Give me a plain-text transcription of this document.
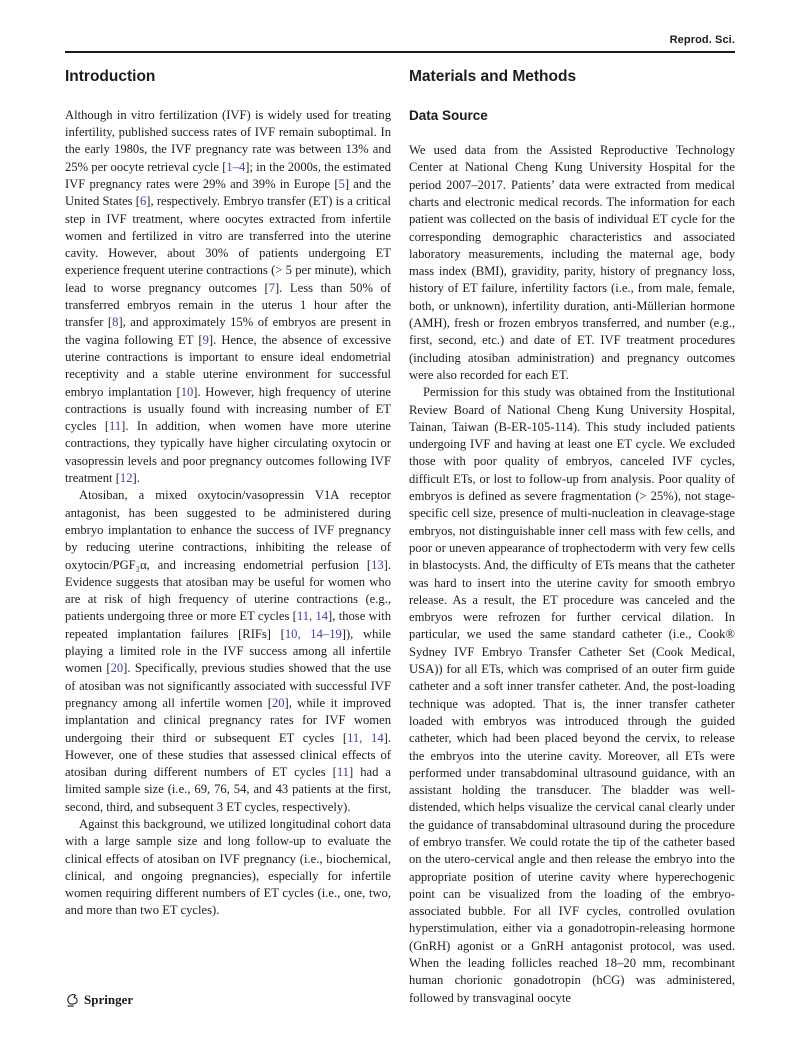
Reprod. Sci.
Introduction

Although in vitro fertilization (IVF) is widely used for treating infertility, published success rates of IVF remain suboptimal. In the early 1980s, the IVF pregnancy rate was between 13% and 25% per oocyte retrieval cycle [1–4]; in the 2000s, the estimated IVF pregnancy rates were 29% and 39% in Europe [5] and the United States [6], respectively. Embryo transfer (ET) is a critical step in IVF treatment, where oocytes extracted from infertile women and fertilized in vitro are transferred into the uterine cavity. However, about 30% of patients undergoing ET experience frequent uterine contractions (> 5 per minute), which lead to worse pregnancy outcomes [7]. Less than 50% of transferred embryos remain in the uterus 1 hour after the transfer [8], and approximately 15% of embryos are present in the vagina following ET [9]. Hence, the absence of excessive uterine contractions is important to ensure ideal endometrial receptivity and a stable uterine environment for successful embryo implantation [10]. However, high frequency of uterine contractions is usually found with increasing number of ET cycles [11]. In addition, when women have more uterine contractions, they typically have higher circulating oxytocin or vasopressin levels and poor pregnancy outcomes following IVF treatment [12].

Atosiban, a mixed oxytocin/vasopressin V1A receptor antagonist, has been suggested to be administered during embryo implantation to enhance the success of IVF pregnancy by reducing uterine contractions, inhibiting the release of oxytocin/PGF₂α, and increasing endometrial perfusion [13]. Evidence suggests that atosiban may be useful for women who are at risk of high frequency of uterine contractions (e.g., patients undergoing three or more ET cycles [11, 14], those with repeated implantation failures [RIFs] [10, 14–19]), while playing a limited role in the IVF success among all infertile women [20]. Specifically, previous studies showed that the use of atosiban was not significantly associated with successful IVF pregnancy among all infertile women [20], while it improved implantation and clinical pregnancy rates for IVF women undergoing their third or subsequent ET cycles [11, 14]. However, one of these studies that assessed clinical effects of atosiban during different numbers of ET cycles [11] had a limited sample size (i.e., 69, 76, 54, and 43 patients at the first, second, third, and subsequent 3 ET cycles, respectively).

Against this background, we utilized longitudinal cohort data with a large sample size and long follow-up to evaluate the clinical effects of atosiban on IVF pregnancy (i.e., biochemical, clinical, and ongoing pregnancies), especially for infertile women requiring different numbers of ET cycles (i.e., one, two, and more than two ET cycles).

Materials and Methods
Data Source

We used data from the Assisted Reproductive Technology Center at National Cheng Kung University Hospital for the period 2007–2017. Patients’ data were extracted from medical charts and electronic medical records. The information for each patient was collected on the basis of individual ET cycle for the corresponding demographic characteristics and associated laboratory measurements, including the maternal age, body mass index (BMI), gravidity, parity, history of pregnancy loss, history of ET failure, infertility factors (i.e., from male, female, both, or unknown), infertility duration, anti-Müllerian hormone (AMH), fresh or frozen embryos transferred, and number (e.g., first, second, etc.) and date of ET. IVF treatment procedures (including atosiban administration) and pregnancy outcomes were also recorded for each ET.

Permission for this study was obtained from the Institutional Review Board of National Cheng Kung University Hospital, Tainan, Taiwan (B-ER-105-114). This study included patients undergoing IVF and having at least one ET cycle. We excluded those with poor quality of embryos, canceled IVF cycles, difficult ETs, or lost to follow-up from analysis. Poor quality of embryos is defined as severe fragmentation (> 25%), not stage-specific cell size, presence of multi-nucleation in cleavage-stage embryos, not distinguishable inner cell mass with few cells, and poor or uneven appearance of trophectoderm with very few cells in blastocysts. And, the difficulty of ETs means that the catheter was hard to insert into the uterine cavity for smooth embryo release. As a result, the ET procedure was canceled and the embryos were refrozen for further cervical dilation. In particular, we used the same standard catheter (i.e., Cook® Sydney IVF Embryo Transfer Catheter Set (Cook Medical, USA)) for all ETs, which was comprised of an outer firm guide catheter and a soft inner transfer catheter. And, the post-loading technique was adopted. That is, the inner transfer catheter loaded with embryos was introduced through the guided catheter, which had been placed beyond the cervix, to release the embryos into the uterine cavity. Moreover, all ETs were performed under transabdominal ultrasound guidance, with an assistant holding the transducer. The bladder was well-distended, which helps visualize the cervical canal clearly under the guidance of transabdominal ultrasound during the procedure of embryo transfer. We could rotate the tip of the catheter based on the utero-cervical angle and then release the embryo into the appropriate position of uterine cavity where hyperechogenic point can be visualized from the loading of the embryo-associated bubble. For all IVF cycles, controlled ovulation hyperstimulation, either via a gonadotropin-releasing hormone (GnRH) agonist or a GnRH antagonist protocol, was used. When the leading follicles reached 18–20 mm, recombinant human chorionic gonadotropin (hCG) was administered, followed by transvaginal oocyte

Springer
